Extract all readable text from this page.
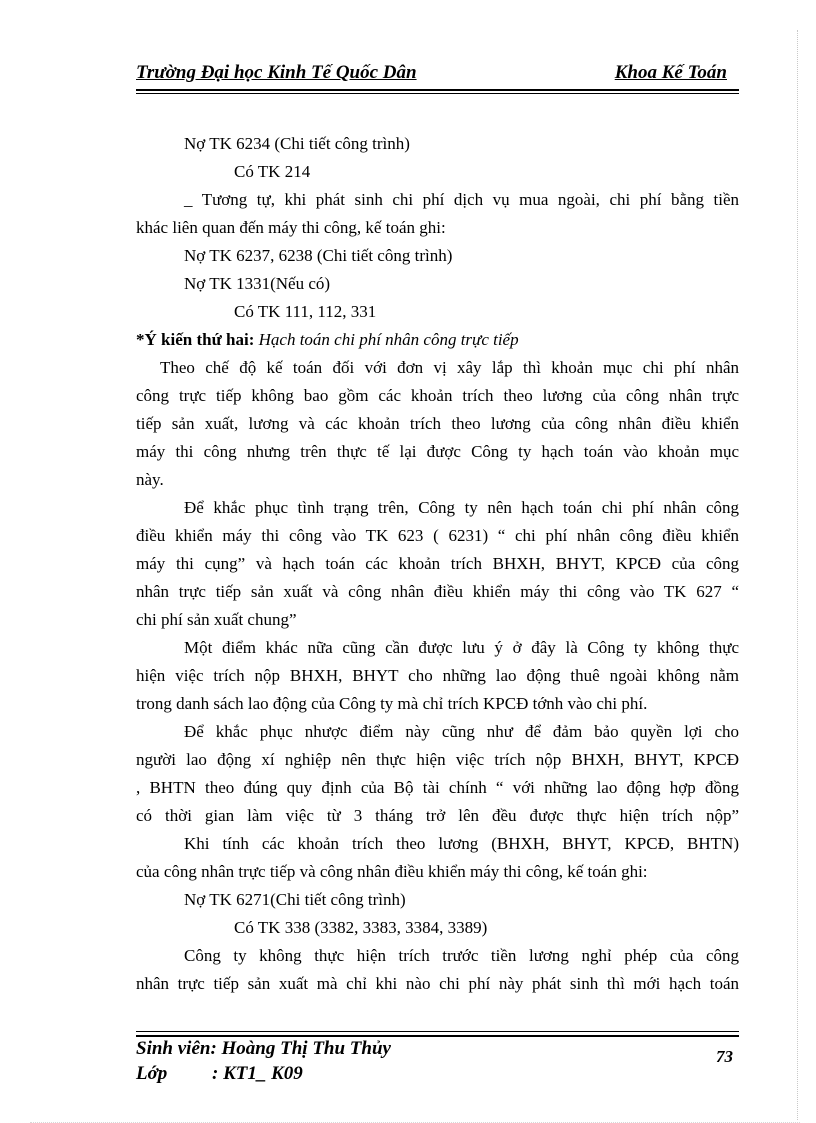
Trường Đại học Kinh Tế Quốc Dân	Khoa Kế Toán
Nợ TK 6234 (Chi tiết công trình)
Có TK 214
_ Tương tự, khi phát sinh chi phí dịch vụ mua ngoài, chi phí bằng tiền
khác liên quan đến máy thi công, kế toán ghi:
Nợ TK 6237, 6238 (Chi tiết công trình)
Nợ TK 1331(Nếu có)
Có TK 111, 112, 331
*Ý kiến thứ hai: Hạch toán chi phí nhân công trực tiếp
Theo chế độ kế toán đối với đơn vị xây lắp thì khoản mục chi phí nhân
công trực tiếp không bao gồm các khoản trích theo lương của công nhân trực
tiếp sản xuất, lương và các khoản trích theo lương của công nhân điều khiển
máy thi công nhưng trên thực tế lại được Công ty hạch toán vào khoản mục
này.
Để khắc phục tình trạng trên, Công ty nên hạch toán chi phí nhân công
điều khiển máy thi công vào TK 623 ( 6231) “ chi phí nhân công điều khiển
máy thi cụng” và hạch toán các khoản trích BHXH, BHYT, KPCĐ của công
nhân trực tiếp sản xuất và công nhân điều khiển máy thi công vào TK 627 “
chi phí sản xuất chung”
Một điểm khác nữa cũng cần được lưu ý ở đây là Công ty không thực
hiện việc trích nộp BHXH, BHYT cho những lao động thuê ngoài không nằm
trong danh sách lao động của Công ty mà chỉ trích KPCĐ tớnh vào chi phí.
Để khắc phục nhược điểm này cũng như để đảm bảo quyền lợi cho
người lao động xí nghiệp nên thực hiện việc trích nộp BHXH, BHYT, KPCĐ
, BHTN theo đúng quy định của Bộ tài chính “ với những lao động hợp đồng
có thời gian làm việc từ 3 tháng trở lên đều được thực hiện trích nộp”
Khi tính các khoản trích theo lương (BHXH, BHYT, KPCĐ, BHTN)
của công nhân trực tiếp và công nhân điều khiển máy thi công, kế toán ghi:
Nợ TK 6271(Chi tiết công trình)
Có TK 338 (3382, 3383, 3384, 3389)
Công ty không thực hiện trích trước tiền lương nghỉ phép của công
nhân trực tiếp sản xuất mà chỉ khi nào chi phí này phát sinh thì mới hạch toán
Sinh viên: Hoàng Thị Thu Thủy
Lớp : KT1_ K09
73
